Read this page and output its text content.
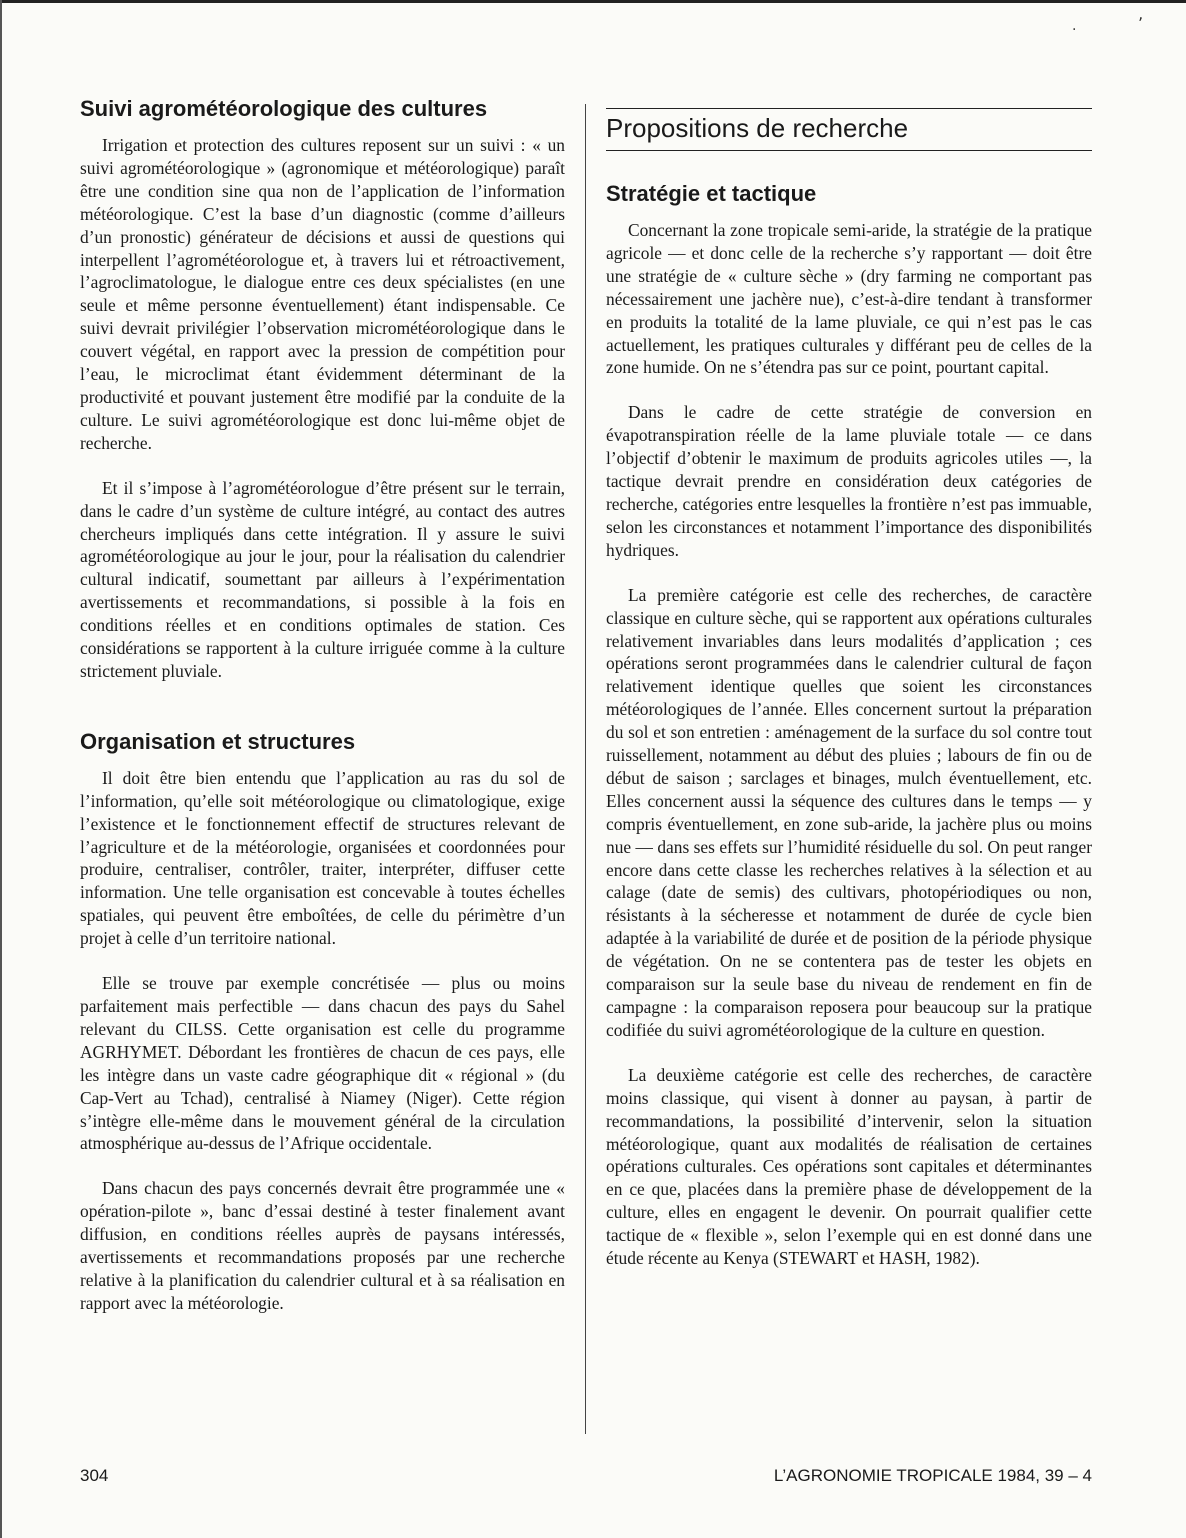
·	ʼ
Suivi agrométéorologique des cultures

Irrigation et protection des cultures reposent sur un suivi : « un suivi agrométéorologique » (agronomique et météorologique) paraît être une condition sine qua non de l’application de l’information météorologique. C’est la base d’un diagnostic (comme d’ailleurs d’un pronostic) générateur de décisions et aussi de questions qui interpellent l’agrométéorologue et, à travers lui et rétroactivement, l’agroclimatologue, le dialogue entre ces deux spécialistes (en une seule et même personne éventuellement) étant indispensable. Ce suivi devrait privilégier l’observation micrométéorologique dans le couvert végétal, en rapport avec la pression de compétition pour l’eau, le microclimat étant évidemment déterminant de la productivité et pouvant justement être modifié par la conduite de la culture. Le suivi agrométéorologique est donc lui-même objet de recherche.

Et il s’impose à l’agrométéorologue d’être présent sur le terrain, dans le cadre d’un système de culture intégré, au contact des autres chercheurs impliqués dans cette intégration. Il y assure le suivi agrométéorologique au jour le jour, pour la réalisation du calendrier cultural indicatif, soumettant par ailleurs à l’expérimentation avertissements et recommandations, si possible à la fois en conditions réelles et en conditions optimales de station. Ces considérations se rapportent à la culture irriguée comme à la culture strictement pluviale.

Organisation et structures

Il doit être bien entendu que l’application au ras du sol de l’information, qu’elle soit météorologique ou climatologique, exige l’existence et le fonctionnement effectif de structures relevant de l’agriculture et de la météorologie, organisées et coordonnées pour produire, centraliser, contrôler, traiter, interpréter, diffuser cette information. Une telle organisation est concevable à toutes échelles spatiales, qui peuvent être emboîtées, de celle du périmètre d’un projet à celle d’un territoire national.

Elle se trouve par exemple concrétisée — plus ou moins parfaitement mais perfectible — dans chacun des pays du Sahel relevant du CILSS. Cette organisation est celle du programme AGRHYMET. Débordant les frontières de chacun de ces pays, elle les intègre dans un vaste cadre géographique dit « régional » (du Cap-Vert au Tchad), centralisé à Niamey (Niger). Cette région s’intègre elle-même dans le mouvement général de la circulation atmosphérique au-dessus de l’Afrique occidentale.

Dans chacun des pays concernés devrait être programmée une « opération-pilote », banc d’essai destiné à tester finalement avant diffusion, en conditions réelles auprès de paysans intéressés, avertissements et recommandations proposés par une recherche relative à la planification du calendrier cultural et à sa réalisation en rapport avec la météorologie.

Propositions de recherche
Stratégie et tactique

Concernant la zone tropicale semi-aride, la stratégie de la pratique agricole — et donc celle de la recherche s’y rapportant — doit être une stratégie de « culture sèche » (dry farming ne comportant pas nécessairement une jachère nue), c’est-à-dire tendant à transformer en produits la totalité de la lame pluviale, ce qui n’est pas le cas actuellement, les pratiques culturales y différant peu de celles de la zone humide. On ne s’étendra pas sur ce point, pourtant capital.

Dans le cadre de cette stratégie de conversion en évapotranspiration réelle de la lame pluviale totale — ce dans l’objectif d’obtenir le maximum de produits agricoles utiles —, la tactique devrait prendre en considération deux catégories de recherche, catégories entre lesquelles la frontière n’est pas immuable, selon les circonstances et notamment l’importance des disponibilités hydriques.

La première catégorie est celle des recherches, de caractère classique en culture sèche, qui se rapportent aux opérations culturales relativement invariables dans leurs modalités d’application ; ces opérations seront programmées dans le calendrier cultural de façon relativement identique quelles que soient les circonstances météorologiques de l’année. Elles concernent surtout la préparation du sol et son entretien : aménagement de la surface du sol contre tout ruissellement, notamment au début des pluies ; labours de fin ou de début de saison ; sarclages et binages, mulch éventuellement, etc. Elles concernent aussi la séquence des cultures dans le temps — y compris éventuellement, en zone sub-aride, la jachère plus ou moins nue — dans ses effets sur l’humidité résiduelle du sol. On peut ranger encore dans cette classe les recherches relatives à la sélection et au calage (date de semis) des cultivars, photopériodiques ou non, résistants à la sécheresse et notamment de durée de cycle bien adaptée à la variabilité de durée et de position de la période physique de végétation. On ne se contentera pas de tester les objets en comparaison sur la seule base du niveau de rendement en fin de campagne : la comparaison reposera pour beaucoup sur la pratique codifiée du suivi agrométéorologique de la culture en question.

La deuxième catégorie est celle des recherches, de caractère moins classique, qui visent à donner au paysan, à partir de recommandations, la possibilité d’intervenir, selon la situation météorologique, quant aux modalités de réalisation de certaines opérations culturales. Ces opérations sont capitales et déterminantes en ce que, placées dans la première phase de développement de la culture, elles en engagent le devenir. On pourrait qualifier cette tactique de « flexible », selon l’exemple qui en est donné dans une étude récente au Kenya (STEWART et HASH, 1982).

304	L’AGRONOMIE TROPICALE 1984, 39 – 4
